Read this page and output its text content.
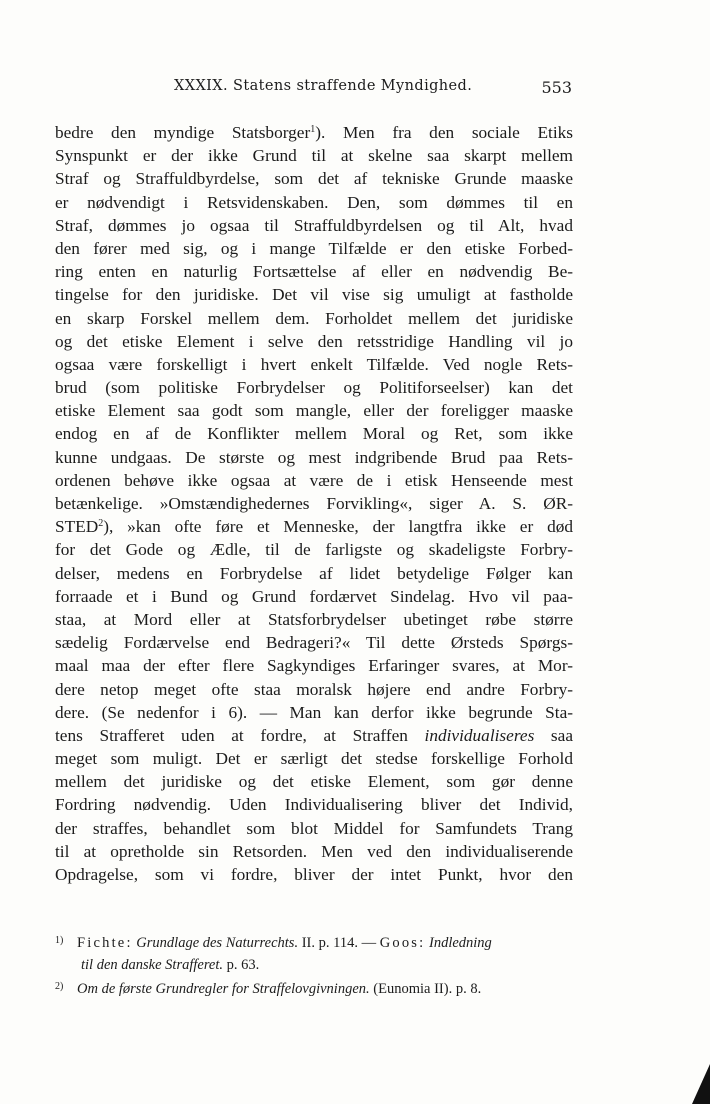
XXXIX. Statens straffende Myndighed.	553
bedre den myndige Statsborger$^1$). Men fra den sociale Etiks
Synspunkt er der ikke Grund til at skelne saa skarpt mellem
Straf og Straffuldbyrdelse, som det af tekniske Grunde maaske
er nødvendigt i Retsvidenskaben. Den, som dømmes til en
Straf, dømmes jo ogsaa til Straffuldbyrdelsen og til Alt, hvad
den fører med sig, og i mange Tilfælde er den etiske Forbed-
ring enten en naturlig Fortsættelse af eller en nødvendig Be-
tingelse for den juridiske. Det vil vise sig umuligt at fastholde
en skarp Forskel mellem dem. Forholdet mellem det juridiske
og det etiske Element i selve den retsstridige Handling vil jo
ogsaa være forskelligt i hvert enkelt Tilfælde. Ved nogle Rets-
brud (som politiske Forbrydelser og Politiforseelser) kan det
etiske Element saa godt som mangle, eller der foreligger maaske
endog en af de Konflikter mellem Moral og Ret, som ikke
kunne undgaas. De største og mest indgribende Brud paa Rets-
ordenen behøve ikke ogsaa at være de i etisk Henseende mest
betænkelige. »Omstændighedernes Forvikling«, siger A. S. ØR-
STED$^2$), »kan ofte føre et Menneske, der langtfra ikke er død
for det Gode og Ædle, til de farligste og skadeligste Forbry-
delser, medens en Forbrydelse af lidet betydelige Følger kan
forraade et i Bund og Grund fordærvet Sindelag. Hvo vil paa-
staa, at Mord eller at Statsforbrydelser ubetinget røbe større
sædelig Fordærvelse end Bedrageri?« Til dette Ørsteds Spørgs-
maal maa der efter flere Sagkyndiges Erfaringer svares, at Mor-
dere netop meget ofte staa moralsk højere end andre Forbry-
dere. (Se nedenfor i 6). — Man kan derfor ikke begrunde Sta-
tens Strafferet uden at fordre, at Straffen individualiseres saa
meget som muligt. Det er særligt det stedse forskellige Forhold
mellem det juridiske og det etiske Element, som gør denne
Fordring nødvendig. Uden Individualisering bliver det Individ,
der straffes, behandlet som blot Middel for Samfundets Trang
til at opretholde sin Retsorden. Men ved den individualiserende
Opdragelse, som vi fordre, bliver der intet Punkt, hvor den
1) Fichte: Grundlage des Naturrechts. II. p. 114. — Goos: Indledning
til den danske Strafferet. p. 63.
2) Om de første Grundregler for Straffelovgivningen. (Eunomia II). p. 8.
